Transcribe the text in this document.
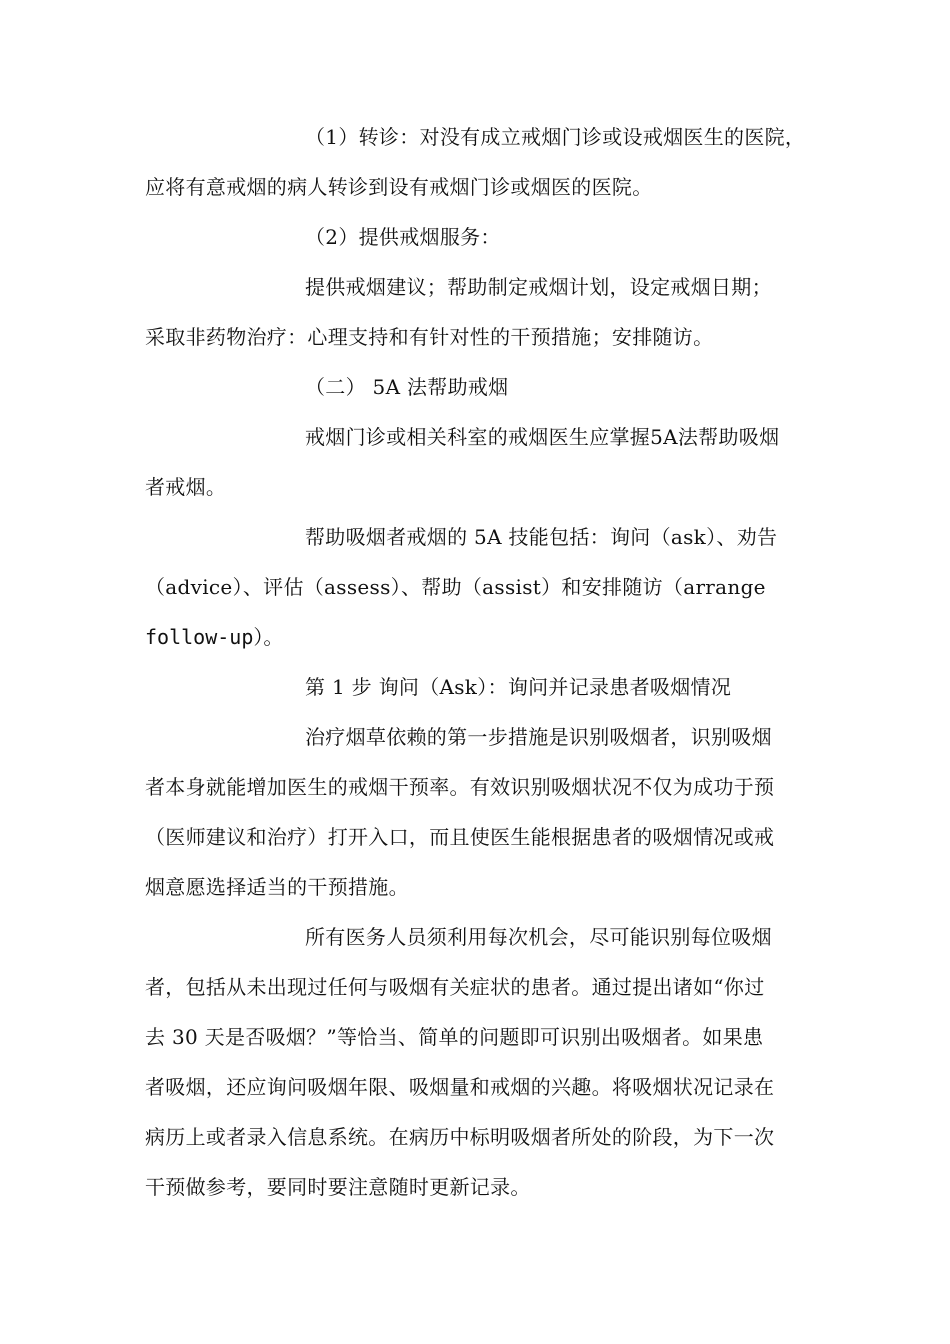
（1）转诊：对没有成立戒烟门诊或设戒烟医生的医院，
应将有意戒烟的病人转诊到设有戒烟门诊或烟医的医院。
（2）提供戒烟服务：
提供戒烟建议；帮助制定戒烟计划，设定戒烟日期；
采取非药物治疗：心理支持和有针对性的干预措施；安排随访。
（二） 5A 法帮助戒烟
戒烟门诊或相关科室的戒烟医生应掌握5A法帮助吸烟
者戒烟。
帮助吸烟者戒烟的 5A 技能包括：询问（ask）、劝告
（advice）、评估（assess）、帮助（assist）和安排随访（arrange
follow-up）。
第 1 步 询问（Ask）：询问并记录患者吸烟情况
治疗烟草依赖的第一步措施是识别吸烟者，识别吸烟
者本身就能增加医生的戒烟干预率。有效识别吸烟状况不仅为成功于预
（医师建议和治疗）打开入口，而且使医生能根据患者的吸烟情况或戒
烟意愿选择适当的干预措施。
所有医务人员须利用每次机会，尽可能识别每位吸烟
者，包括从未出现过任何与吸烟有关症状的患者。通过提出诸如“你过
去 30 天是否吸烟？”等恰当、简单的问题即可识别出吸烟者。如果患
者吸烟，还应询问吸烟年限、吸烟量和戒烟的兴趣。将吸烟状况记录在
病历上或者录入信息系统。在病历中标明吸烟者所处的阶段，为下一次
干预做参考，要同时要注意随时更新记录。
